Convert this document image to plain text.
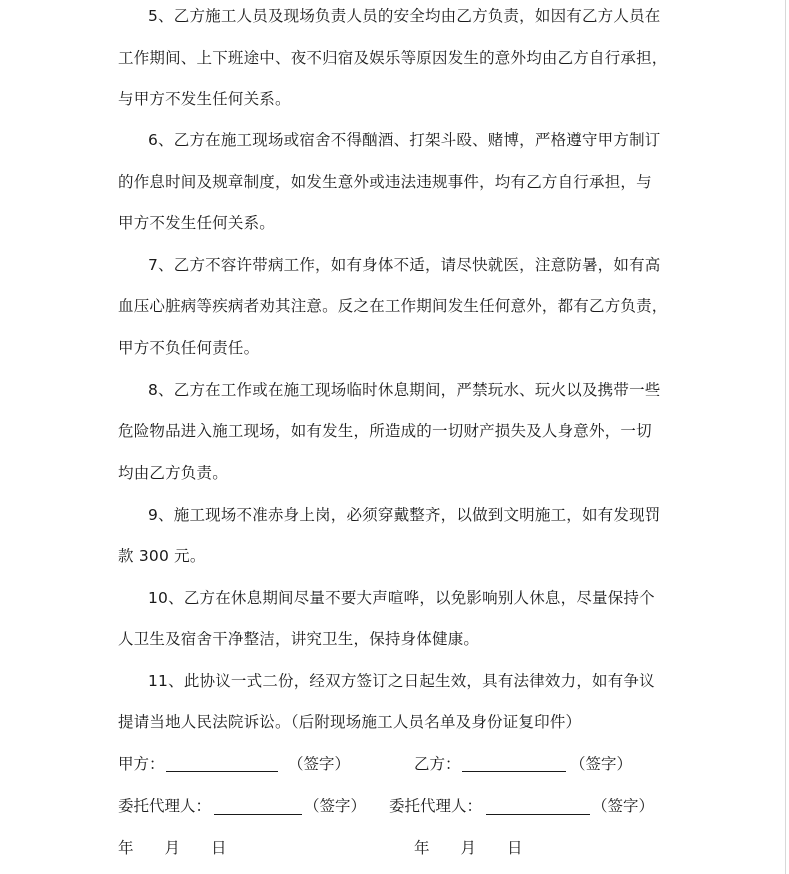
5、乙方施工人员及现场负责人员的安全均由乙方负责，如因有乙方人员在
工作期间、上下班途中、夜不归宿及娱乐等原因发生的意外均由乙方自行承担，
与甲方不发生任何关系。
6、乙方在施工现场或宿舍不得酗酒、打架斗殴、赌博，严格遵守甲方制订
的作息时间及规章制度，如发生意外或违法违规事件，均有乙方自行承担，与
甲方不发生任何关系。
7、乙方不容许带病工作，如有身体不适，请尽快就医，注意防暑，如有高
血压心脏病等疾病者劝其注意。反之在工作期间发生任何意外，都有乙方负责，
甲方不负任何责任。
8、乙方在工作或在施工现场临时休息期间，严禁玩水、玩火以及携带一些
危险物品进入施工现场，如有发生，所造成的一切财产损失及人身意外，一切
均由乙方负责。
9、施工现场不准赤身上岗，必须穿戴整齐，以做到文明施工，如有发现罚
款 300 元。
10、乙方在休息期间尽量不要大声喧哗，以免影响别人休息，尽量保持个
人卫生及宿舍干净整洁，讲究卫生，保持身体健康。
11、此协议一式二份，经双方签订之日起生效，具有法律效力，如有争议
提请当地人民法院诉讼。（后附现场施工人员名单及身份证复印件）
甲方：	（签字）	乙方：	（签字）
委托代理人：	（签字） 委托代理人：	（签字）
年　　月　　日	年　　月　　日
